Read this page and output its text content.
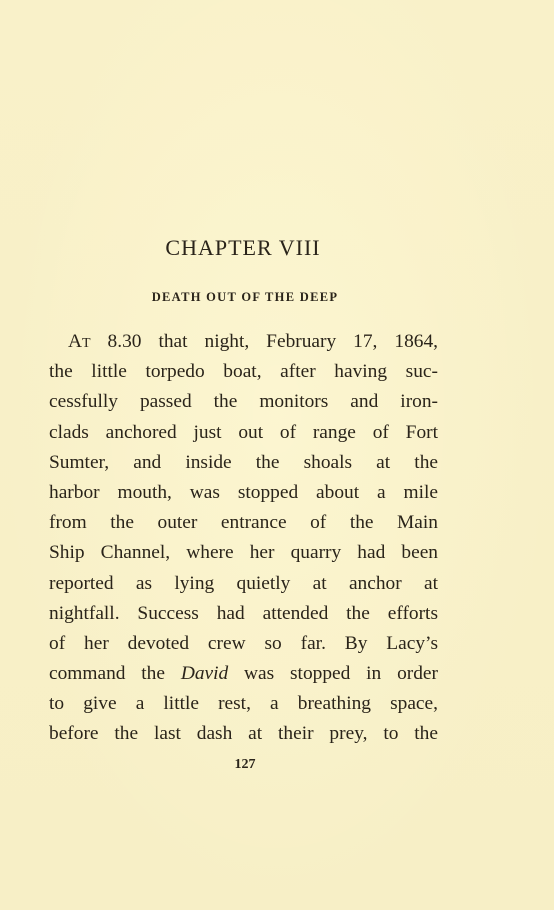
CHAPTER VIII
DEATH OUT OF THE DEEP
At 8.30 that night, February 17, 1864,
the little torpedo boat, after having suc-
cessfully passed the monitors and iron-
clads anchored just out of range of Fort
Sumter, and inside the shoals at the
harbor mouth, was stopped about a mile
from the outer entrance of the Main
Ship Channel, where her quarry had been
reported as lying quietly at anchor at
nightfall. Success had attended the efforts
of her devoted crew so far. By Lacy’s
command the David was stopped in order
to give a little rest, a breathing space,
before the last dash at their prey, to the
127
